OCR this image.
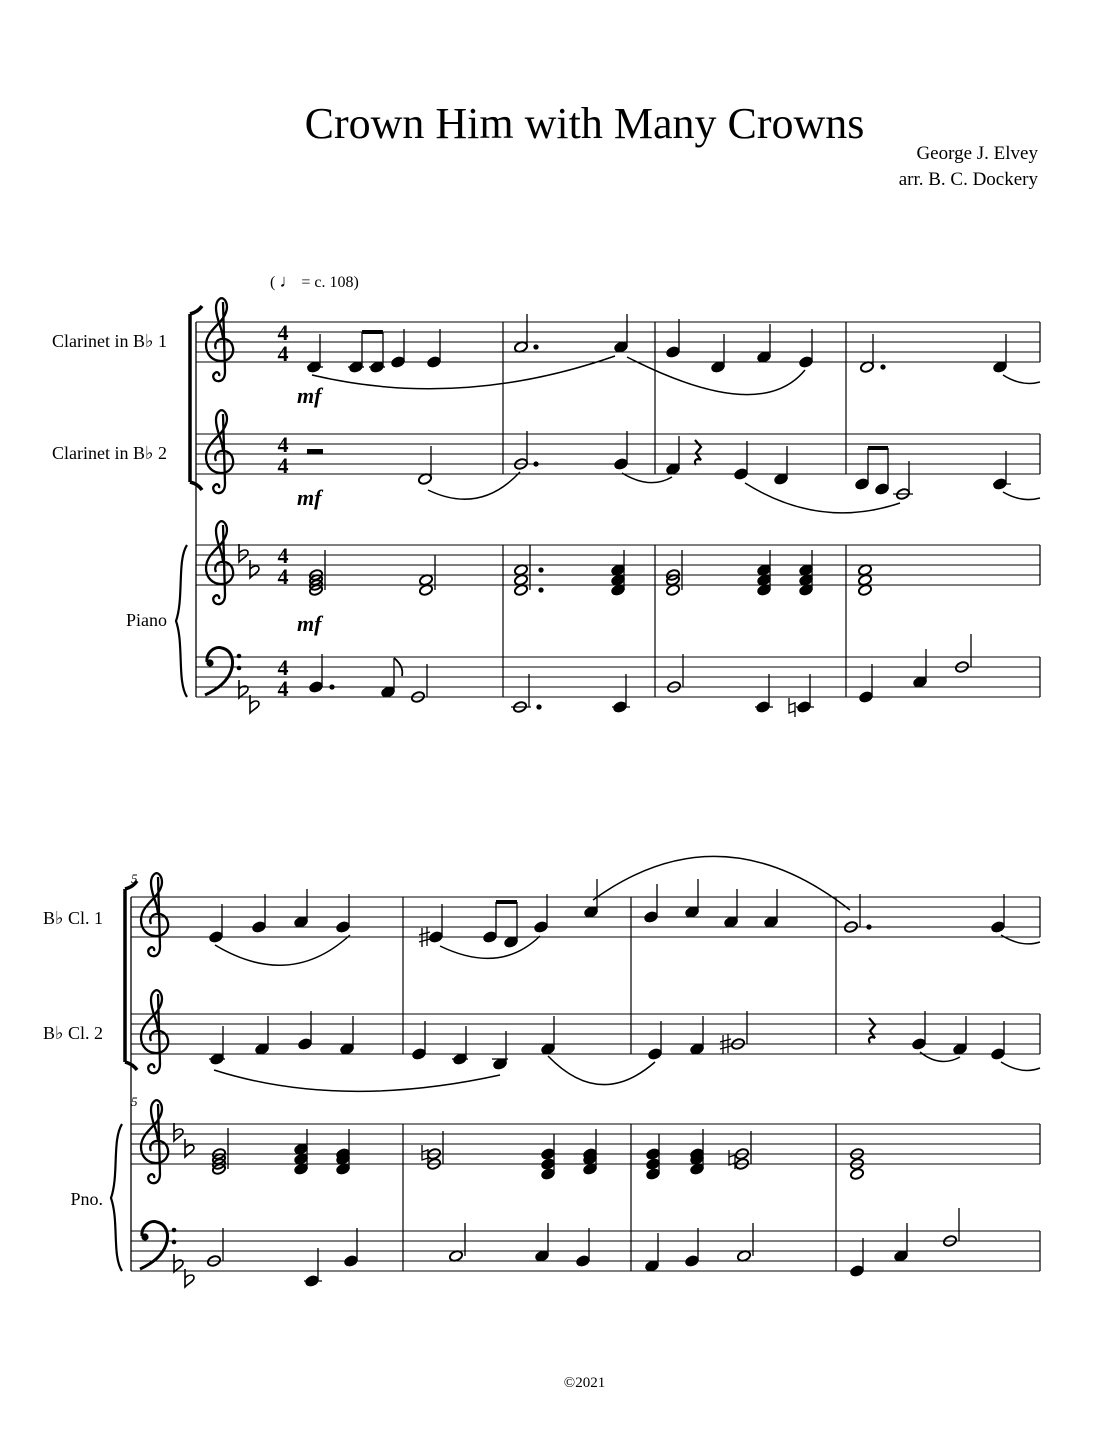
Crown Him with Many Crowns
George J. Elvey
arr. B. C. Dockery
( ♩ = c. 108)
Clarinet in B♭ 1
Clarinet in B♭ 2
Piano
B♭ Cl. 1
B♭ Cl. 2
Pno.
4
4
4
4
4
4
4
4
mf
mf
mf
5
5
©2021
